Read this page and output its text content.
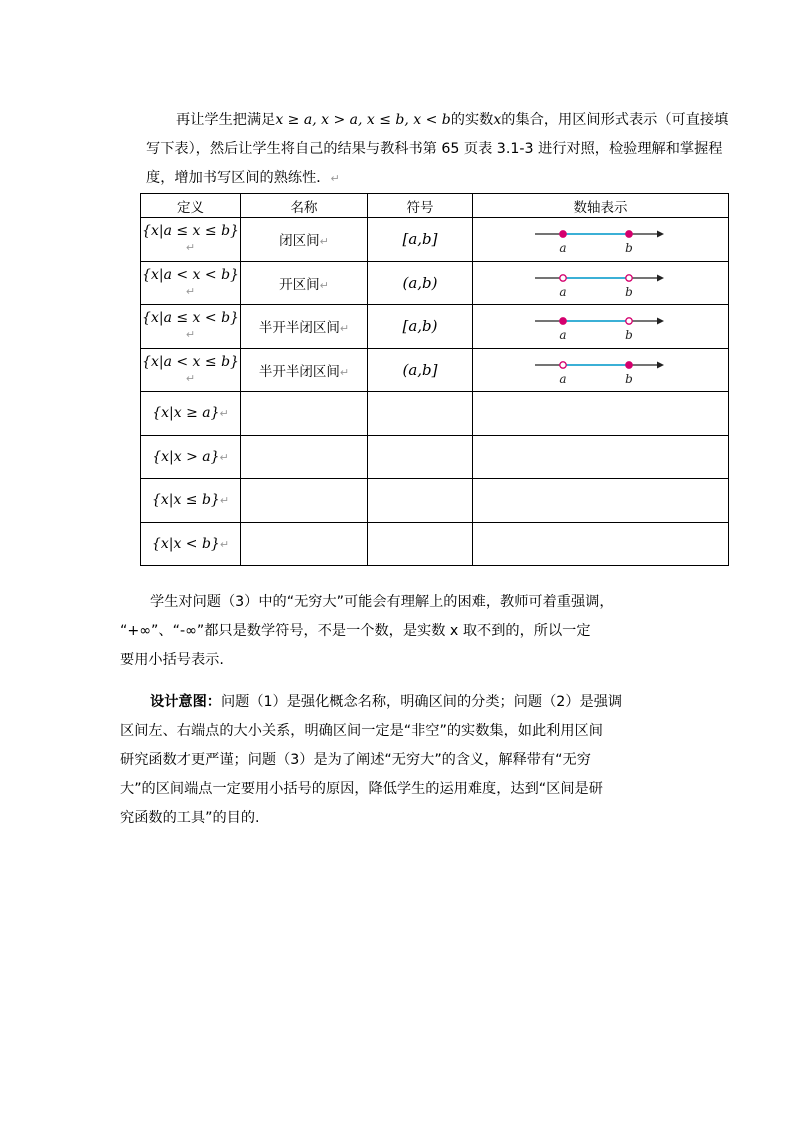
再让学生把满足x ≥ a, x > a, x ≤ b, x < b的实数x的集合，用区间形式表示（可直接填
写下表），然后让学生将自己的结果与教科书第 65 页表 3.1-3 进行对照，检验理解和掌握程
度，增加书写区间的熟练性．↵
定义	名称	符号	数轴表示
{x|a ≤ x ≤ b}↵	闭区间↵	[a,b]	a b

{x|a < x < b}↵	开区间↵	(a,b)	a b

{x|a ≤ x < b}↵	半开半闭区间↵	[a,b)	a b

{x|a < x ≤ b}↵	半开半闭区间↵	(a,b]	a b

{x|x ≥ a}↵			
{x|x > a}↵			
{x|x ≤ b}↵			
{x|x < b}↵			
学生对问题（3）中的“无穷大”可能会有理解上的困难，教师可着重强调，
“+∞”、“-∞”都只是数学符号，不是一个数，是实数 x 取不到的，所以一定
要用小括号表示.
设计意图：问题（1）是强化概念名称，明确区间的分类；问题（2）是强调
区间左、右端点的大小关系，明确区间一定是“非空”的实数集，如此利用区间
研究函数才更严谨；问题（3）是为了阐述“无穷大”的含义，解释带有“无穷
大”的区间端点一定要用小括号的原因，降低学生的运用难度，达到“区间是研
究函数的工具”的目的.
